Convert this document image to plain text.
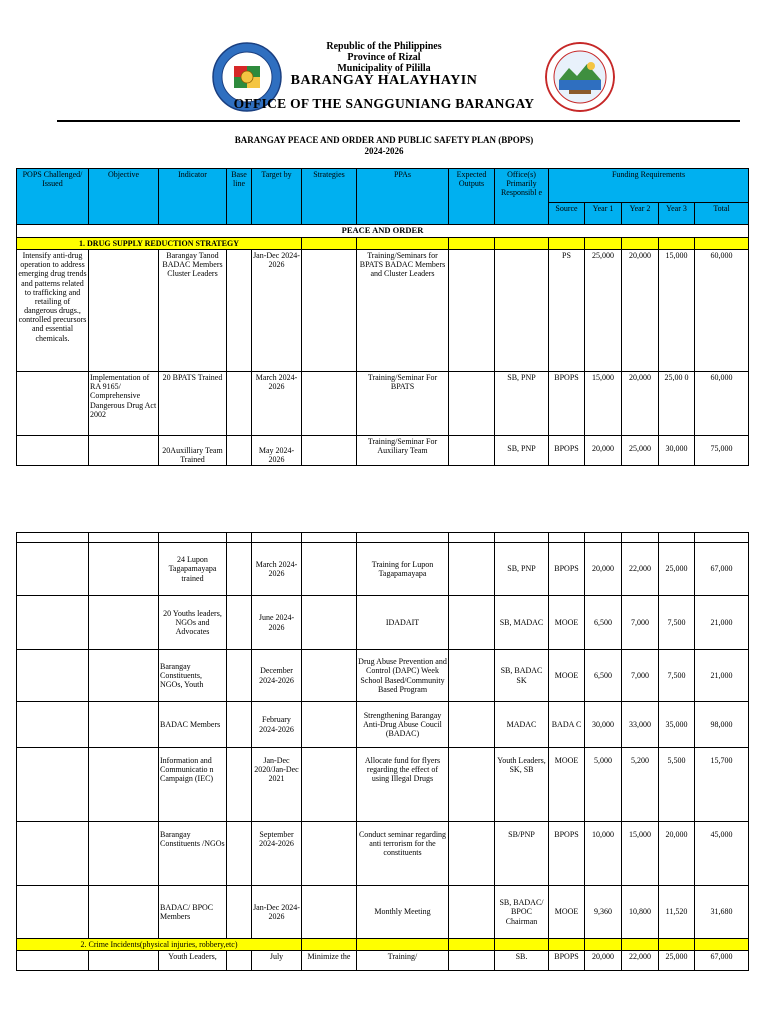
Republic of the Philippines
Province of Rizal
Municipality of Pililla
BARANGAY HALAYHAYIN
OFFICE OF THE SANGGUNIANG BARANGAY
BARANGAY PEACE AND ORDER AND PUBLIC SAFETY PLAN (BPOPS)
2024-2026
POPS Challenged/ Issued	Objective	Indicator	Base line	Target by	Strategies	PPAs	Expected Outputs	Office(s) Primarily Responsibl e	Funding Requirements				
									Source	Year 1	Year 2	Year 3	Total
PEACE AND ORDER													
1. DRUG SUPPLY REDUCTION STRATEGY													
Intensify anti-drug operation to address emerging drug trends and patterns related to trafficking and retailing of dangerous drugs., controlled precursors and essential chemicals.		Barangay Tanod BADAC Members Cluster Leaders		Jan-Dec 2024-2026		Training/Seminars for BPATS BADAC Members and Cluster Leaders			PS	25,000	20,000	15,000	60,000
	Implementation of RA 9165/ Comprehensive Dangerous Drug Act 2002	20 BPATS Trained		March 2024-2026		Training/Seminar For BPATS		SB, PNP	BPOPS	15,000	20,000	25,00 0	60,000
		20Auxilliary Team Trained		May 2024-2026		Training/Seminar For Auxiliary Team		SB, PNP	BPOPS	20,000	25,000	30,000	75,000

		24 Lupon Tagapamayapa trained		March 2024-2026		Training for Lupon Tagapamayapa		SB, PNP	BPOPS	20,000	22,000	25,000	67,000
		20 Youths leaders, NGOs and Advocates		June 2024-2026		IDADAIT		SB, MADAC	MOOE	6,500	7,000	7,500	21,000
		Barangay Constituents, NGOs, Youth		December 2024-2026		Drug Abuse Prevention and Control (DAPC) Week School Based/Community Based Program		SB, BADAC SK	MOOE	6,500	7,000	7,500	21,000
		BADAC Members		February 2024-2026		Strengthening Barangay Anti-Drug Abuse Coucil (BADAC)		MADAC	BADA C	30,000	33,000	35,000	98,000
		Information and Communicatio n Campaign (IEC)		Jan-Dec 2020/Jan-Dec 2021		Allocate fund for flyers regarding the effect of using Illegal Drugs		Youth Leaders, SK, SB	MOOE	5,000	5,200	5,500	15,700
		Barangay Constituents /NGOs		September 2024-2026		Conduct seminar regarding anti terrorism for the constituents		SB/PNP	BPOPS	10,000	15,000	20,000	45,000
		BADAC/ BPOC Members		Jan-Dec 2024-2026		Monthly Meeting		SB, BADAC/ BPOC Chairman	MOOE	9,360	10,800	11,520	31,680
2. Crime Incidents(physical injuries, robbery,etc)													
		Youth Leaders,		July	Minimize the	Training/		SB.	BPOPS	20,000	22,000	25,000	67,000
